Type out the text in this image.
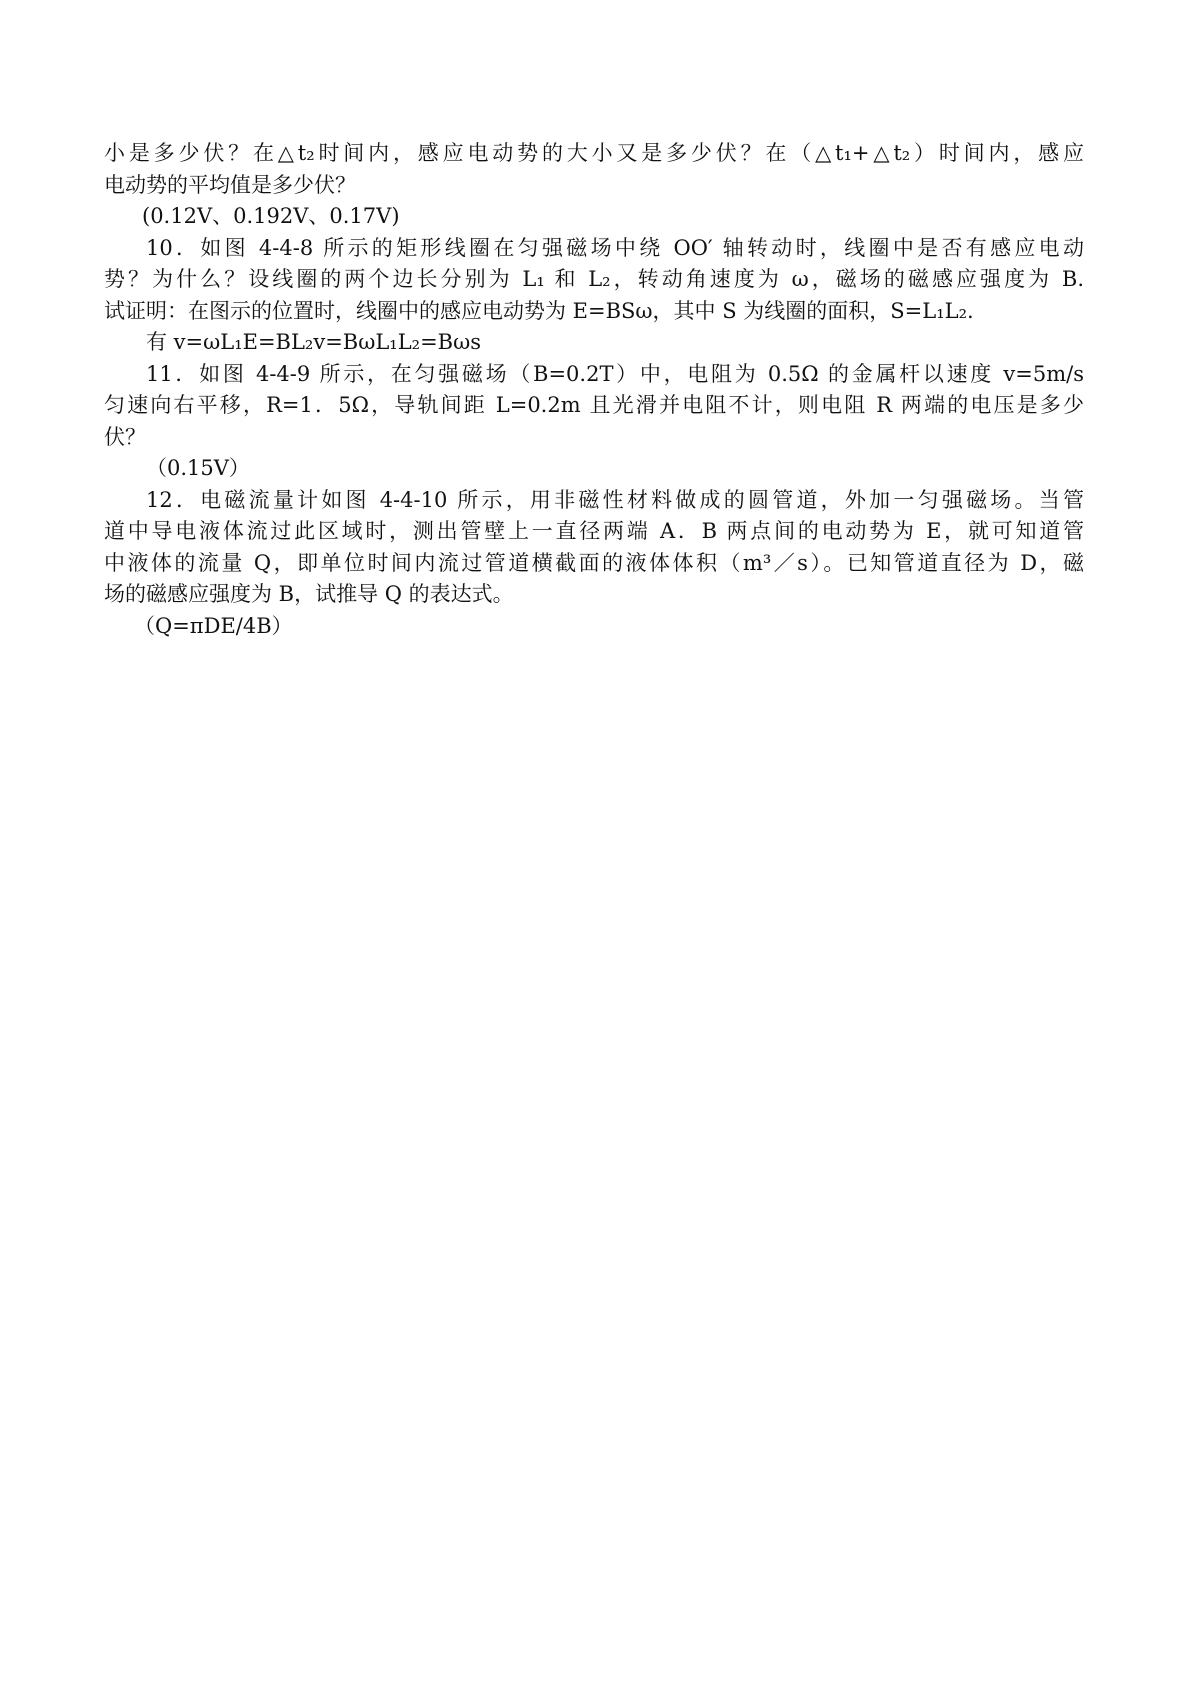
小是多少伏？在△t₂时间内，感应电动势的大小又是多少伏？在（△t₁+△t₂）时间内，感应
电动势的平均值是多少伏？
(0.12V、0.192V、0.17V)
10．如图 4-4-8 所示的矩形线圈在匀强磁场中绕 OO′ 轴转动时，线圈中是否有感应电动
势？为什么？设线圈的两个边长分别为 L₁ 和 L₂，转动角速度为 ω，磁场的磁感应强度为 B.
试证明：在图示的位置时，线圈中的感应电动势为 E=BSω，其中 S 为线圈的面积，S=L₁L₂.
有 v=ωL₁E=BL₂v=BωL₁L₂=Bωs
11．如图 4-4-9 所示，在匀强磁场（B=0.2T）中，电阻为 0.5Ω 的金属杆以速度 v=5m/s
匀速向右平移，R=1．5Ω，导轨间距 L=0.2m 且光滑并电阻不计，则电阻 R 两端的电压是多少
伏？
（0.15V）
12．电磁流量计如图 4-4-10 所示，用非磁性材料做成的圆管道，外加一匀强磁场。当管
道中导电液体流过此区域时，测出管壁上一直径两端 A．B 两点间的电动势为 E，就可知道管
中液体的流量 Q，即单位时间内流过管道横截面的液体体积（m³／s）。已知管道直径为 D，磁
场的磁感应强度为 B，试推导 Q 的表达式。
（Q=πDE/4B）
